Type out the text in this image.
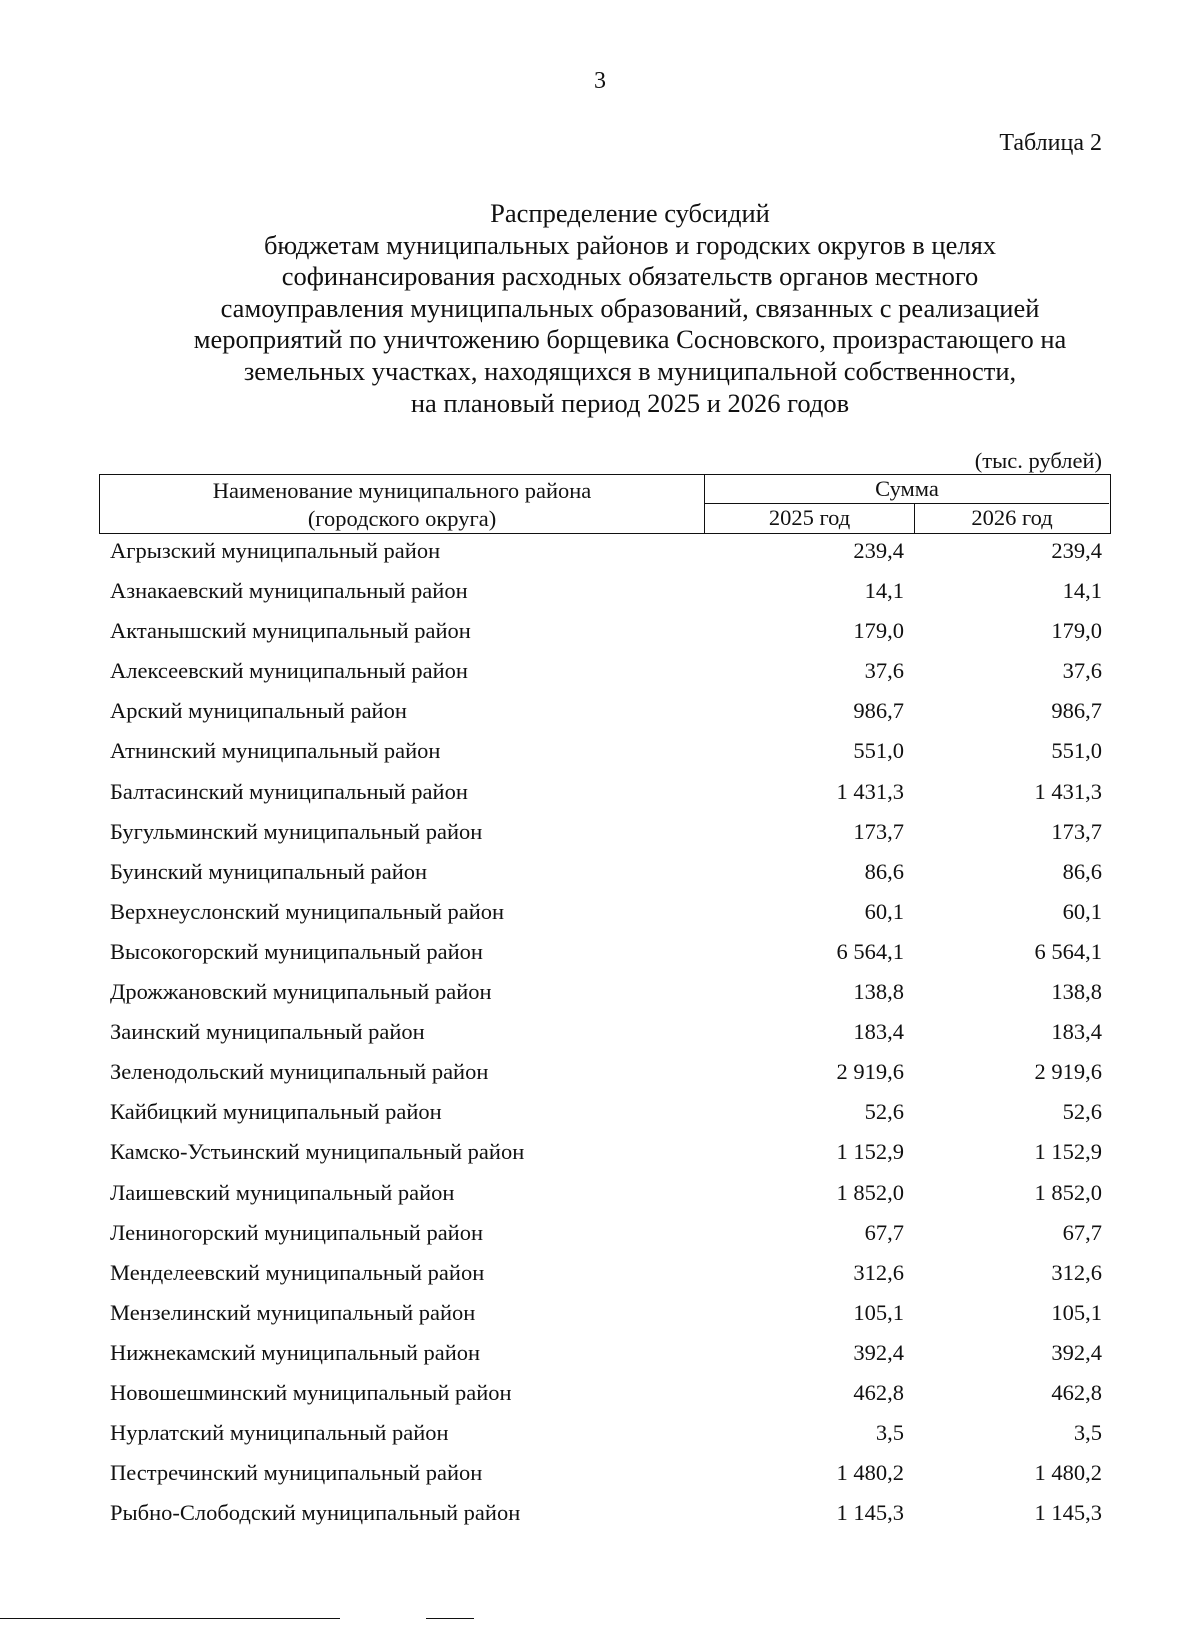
3
Таблица 2
Распределение субсидий
бюджетам муниципальных районов и городских округов в целях
софинансирования расходных обязательств органов местного
самоуправления муниципальных образований, связанных с реализацией
мероприятий по уничтожению борщевика Сосновского, произрастающего на
земельных участках, находящихся в муниципальной собственности,
на плановый период 2025 и 2026 годов
(тыс. рублей)
Наименование муниципального района
(городского округа)
Сумма
2025 год	2026 год
Агрызский муниципальный район	239,4	239,4
Азнакаевский муниципальный район	14,1	14,1
Актанышский муниципальный район	179,0	179,0
Алексеевский муниципальный район	37,6	37,6
Арский муниципальный район	986,7	986,7
Атнинский муниципальный район	551,0	551,0
Балтасинский муниципальный район	1 431,3	1 431,3
Бугульминский муниципальный район	173,7	173,7
Буинский муниципальный район	86,6	86,6
Верхнеуслонский муниципальный район	60,1	60,1
Высокогорский муниципальный район	6 564,1	6 564,1
Дрожжановский муниципальный район	138,8	138,8
Заинский муниципальный район	183,4	183,4
Зеленодольский муниципальный район	2 919,6	2 919,6
Кайбицкий муниципальный район	52,6	52,6
Камско-Устьинский муниципальный район	1 152,9	1 152,9
Лаишевский муниципальный район	1 852,0	1 852,0
Лениногорский муниципальный район	67,7	67,7
Менделеевский муниципальный район	312,6	312,6
Мензелинский муниципальный район	105,1	105,1
Нижнекамский муниципальный район	392,4	392,4
Новошешминский муниципальный район	462,8	462,8
Нурлатский муниципальный район	3,5	3,5
Пестречинский муниципальный район	1 480,2	1 480,2
Рыбно-Слободский муниципальный район	1 145,3	1 145,3
